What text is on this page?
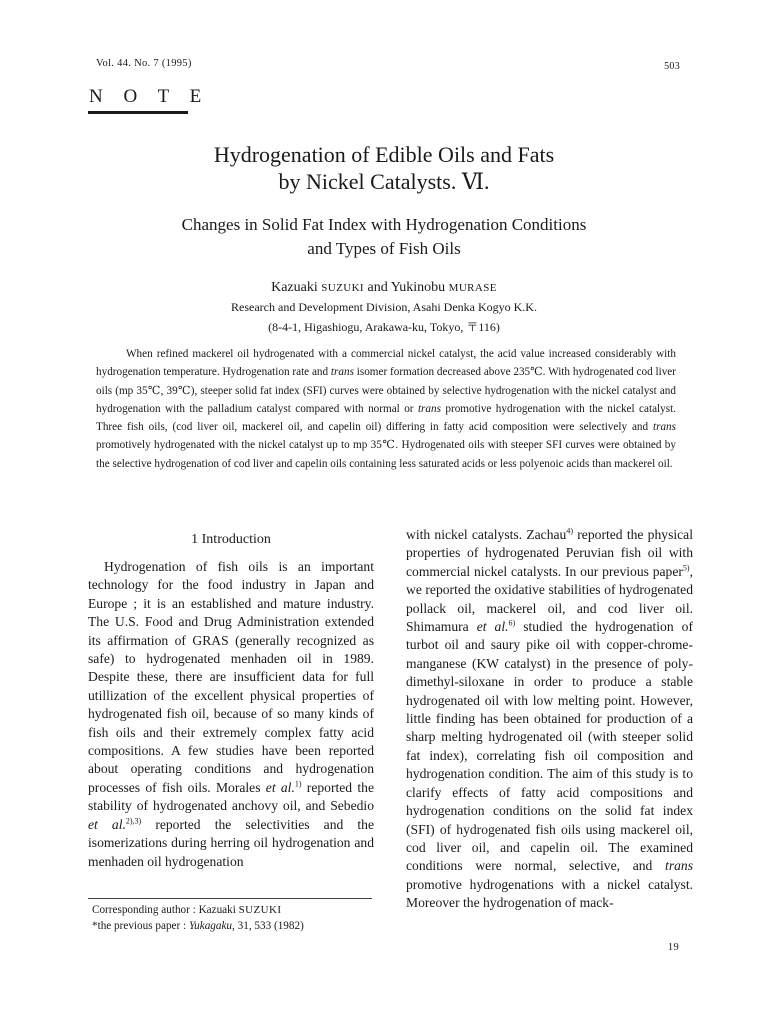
Vol. 44. No. 7 (1995)	503
N O T E
Hydrogenation of Edible Oils and Fats
by Nickel Catalysts. Ⅵ.
Changes in Solid Fat Index with Hydrogenation Conditions
and Types of Fish Oils
Kazuaki SUZUKI and Yukinobu MURASE
Research and Development Division, Asahi Denka Kogyo K.K.
(8-4-1, Higashiogu, Arakawa-ku, Tokyo, 〒116)

When refined mackerel oil hydrogenated with a commercial nickel catalyst, the acid value increased considerably with hydrogenation temperature. Hydrogenation rate and trans isomer formation decreased above 235℃. With hydrogenated cod liver oils (mp 35℃, 39℃), steeper solid fat index (SFI) curves were obtained by selective hydrogenation with the nickel catalyst and hydrogenation with the palladium catalyst compared with normal or trans promotive hydrogenation with the nickel catalyst. Three fish oils, (cod liver oil, mackerel oil, and capelin oil) differing in fatty acid composition were selectively and trans promotively hydrogenated with the nickel catalyst up to mp 35℃. Hydrogenated oils with steeper SFI curves were obtained by the selective hydrogenation of cod liver and capelin oils containing less saturated acids or less polyenoic acids than mackerel oil.

1 Introduction

Hydrogenation of fish oils is an important technology for the food industry in Japan and Europe ; it is an established and mature industry. The U.S. Food and Drug Administration extended its affirmation of GRAS (generally recognized as safe) to hydrogenated menhaden oil in 1989. Despite these, there are insufficient data for full utillization of the excellent physical properties of hydrogenated fish oil, because of so many kinds of fish oils and their extremely complex fatty acid compositions. A few studies have been reported about operating conditions and hydrogenation processes of fish oils. Morales et al.$^{1)}$ reported the stability of hydrogenated anchovy oil, and Sebedio et al.$^{2),3)}$ reported the selectivities and the isomerizations during herring oil hydrogenation and menhaden oil hydrogenation

with nickel catalysts. Zachau$^{4)}$ reported the physical properties of hydrogenated Peruvian fish oil with commercial nickel catalysts. In our previous paper$^{5)}$, we reported the oxidative stabilities of hydrogenated pollack oil, mackerel oil, and cod liver oil. Shimamura et al.$^{6)}$ studied the hydrogenation of turbot oil and saury pike oil with copper-chrome-manganese (KW catalyst) in the presence of poly-dimethyl-siloxane in order to produce a stable hydrogenated oil with low melting point. However, little finding has been obtained for production of a sharp melting hydrogenated oil (with steeper solid fat index), correlating fish oil composition and hydrogenation condition. The aim of this study is to clarify effects of fatty acid compositions and hydrogenation conditions on the solid fat index (SFI) of hydrogenated fish oils using mackerel oil, cod liver oil, and capelin oil. The examined conditions were normal, selective, and trans promotive hydrogenations with a nickel catalyst. Moreover the hydrogenation of mack-

Corresponding author : Kazuaki SUZUKI
*the previous paper : Yukagaku, 31, 533 (1982)
19
